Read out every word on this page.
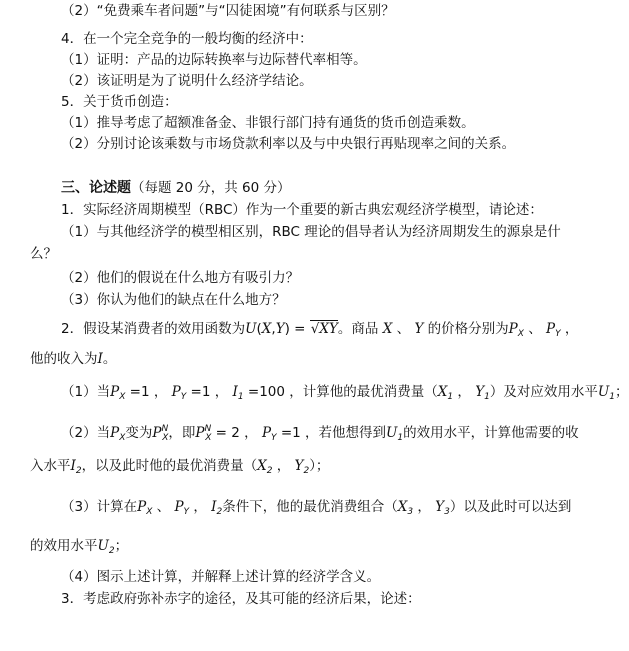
（2）“免费乘车者问题”与“囚徒困境”有何联系与区别？
4．在一个完全竞争的一般均衡的经济中：
（1）证明：产品的边际转换率与边际替代率相等。
（2）该证明是为了说明什么经济学结论。
5．关于货币创造：
（1）推导考虑了超额准备金、非银行部门持有通货的货币创造乘数。
（2）分别讨论该乘数与市场贷款利率以及与中央银行再贴现率之间的关系。
三、论述题（每题 20 分，共 60 分）
1．实际经济周期模型（RBC）作为一个重要的新古典宏观经济学模型，请论述：
（1）与其他经济学的模型相区别，RBC 理论的倡导者认为经济周期发生的源泉是什
么？
（2）他们的假说在什么地方有吸引力？
（3）你认为他们的缺点在什么地方？
2．假设某消费者的效用函数为U(X,Y) = √XY。商品 X 、 Y 的价格分别为$P_X$ 、 $P_Y$ ，
他的收入为I。
（1）当$P_X =1$ ， $P_Y =1$ ， $I_1 =100$ ，计算他的最优消费量（$X_1$ ， $Y_1$）及对应效用水平$U_1$；
（2）当$P_X$变为$P^N_X$，即$P^N_X = 2$ ， $P_Y =1$ ，若他想得到$U_1$的效用水平，计算他需要的收
入水平$I_2$，以及此时他的最优消费量（$X_2$ ， $Y_2$）；
（3）计算在$P_X$ 、 $P_Y$ ， $I_2$条件下，他的最优消费组合（$X_3$ ， $Y_3$）以及此时可以达到
的效用水平$U_2$；
（4）图示上述计算，并解释上述计算的经济学含义。
3．考虑政府弥补赤字的途径，及其可能的经济后果，论述：
